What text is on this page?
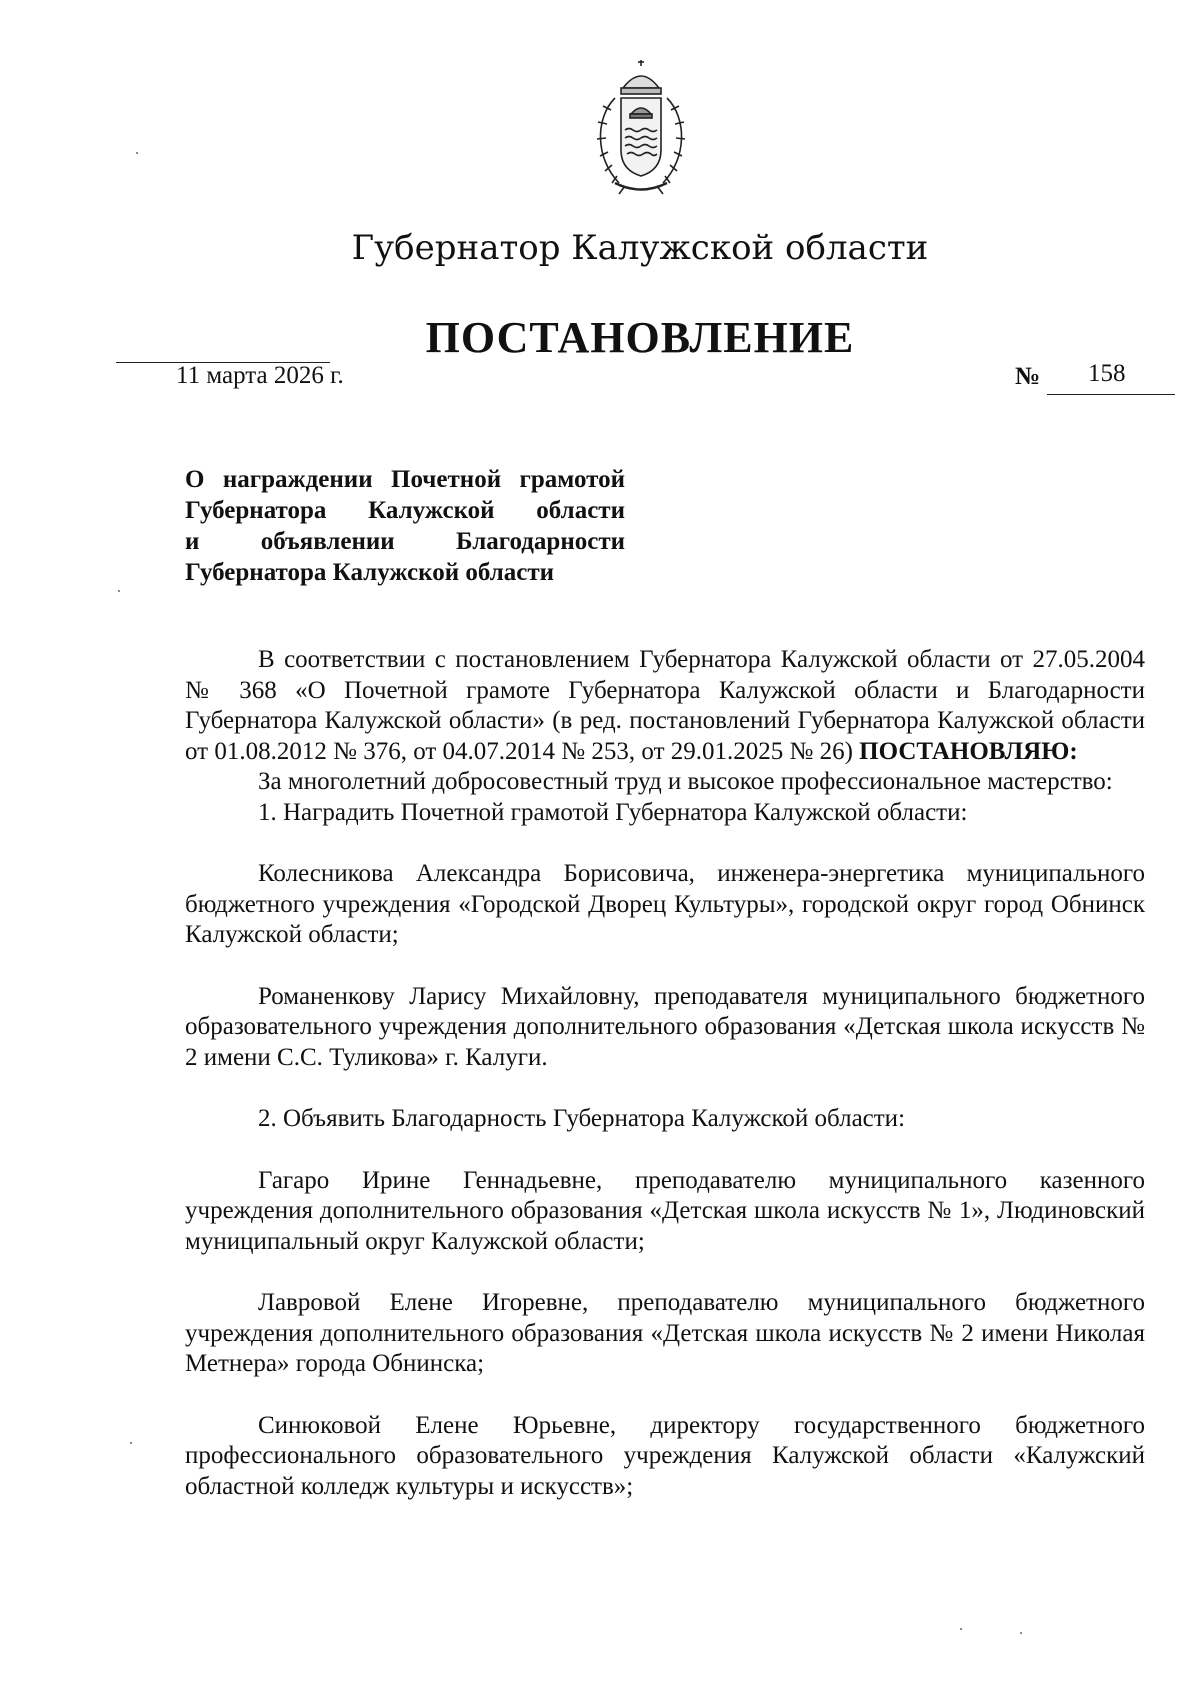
Губернатор Калужской области
ПОСТАНОВЛЕНИЕ
11 марта 2026 г.	№ 158
О награждении Почетной грамотой
Губернатора Калужской области
и объявлении Благодарности
Губернатора Калужской области

В соответствии с постановлением Губернатора Калужской области от 27.05.2004 № 368 «О Почетной грамоте Губернатора Калужской области и Благодарности Губернатора Калужской области» (в ред. постановлений Губернатора Калужской области от 01.08.2012 № 376, от 04.07.2014 № 253, от 29.01.2025 № 26) ПОСТАНОВЛЯЮ:

За многолетний добросовестный труд и высокое профессиональное мастерство:

1. Наградить Почетной грамотой Губернатора Калужской области:

Колесникова Александра Борисовича, инженера-энергетика муниципального бюджетного учреждения «Городской Дворец Культуры», городской округ город Обнинск Калужской области;

Романенкову Ларису Михайловну, преподавателя муниципального бюджетного образовательного учреждения дополнительного образования «Детская школа искусств № 2 имени С.С. Туликова» г. Калуги.

2. Объявить Благодарность Губернатора Калужской области:

Гагаро Ирине Геннадьевне, преподавателю муниципального казенного учреждения дополнительного образования «Детская школа искусств № 1», Людиновский муниципальный округ Калужской области;

Лавровой Елене Игоревне, преподавателю муниципального бюджетного учреждения дополнительного образования «Детская школа искусств № 2 имени Николая Метнера» города Обнинска;

Синюковой Елене Юрьевне, директору государственного бюджетного профессионального образовательного учреждения Калужской области «Калужский областной колледж культуры и искусств»;
